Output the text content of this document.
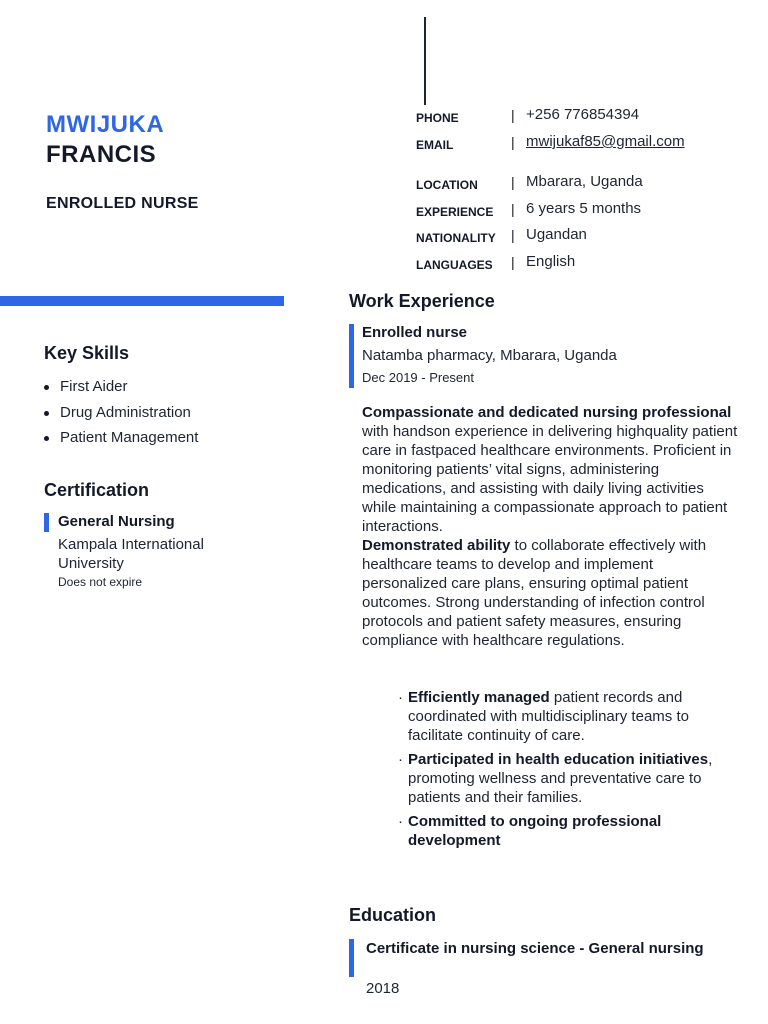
MWIJUKA
FRANCIS
ENROLLED NURSE
PHONE	| +256 776854394
EMAIL	| mwijukaf85@gmail.com
LOCATION	| Mbarara, Uganda
EXPERIENCE	| 6 years 5 months
NATIONALITY	| Ugandan
LANGUAGES	| English
Key Skills
First Aider
Drug Administration
Patient Management
Certification
General Nursing
Kampala International University
Does not expire
Work Experience
Enrolled nurse
Natamba pharmacy, Mbarara, Uganda
Dec 2019 - Present
Compassionate and dedicated nursing professional with handson experience in delivering highquality patient care in fastpaced healthcare environments. Proficient in monitoring patients’ vital signs, administering medications, and assisting with daily living activities while maintaining a compassionate approach to patient interactions.
Demonstrated ability to collaborate effectively with healthcare teams to develop and implement personalized care plans, ensuring optimal patient outcomes. Strong understanding of infection control protocols and patient safety measures, ensuring compliance with healthcare regulations.
· Efficiently managed patient records and coordinated with multidisciplinary teams to facilitate continuity of care.
· Participated in health education initiatives, promoting wellness and preventative care to patients and their families.
· Committed to ongoing professional development
Education
Certificate in nursing science - General nursing
2018
